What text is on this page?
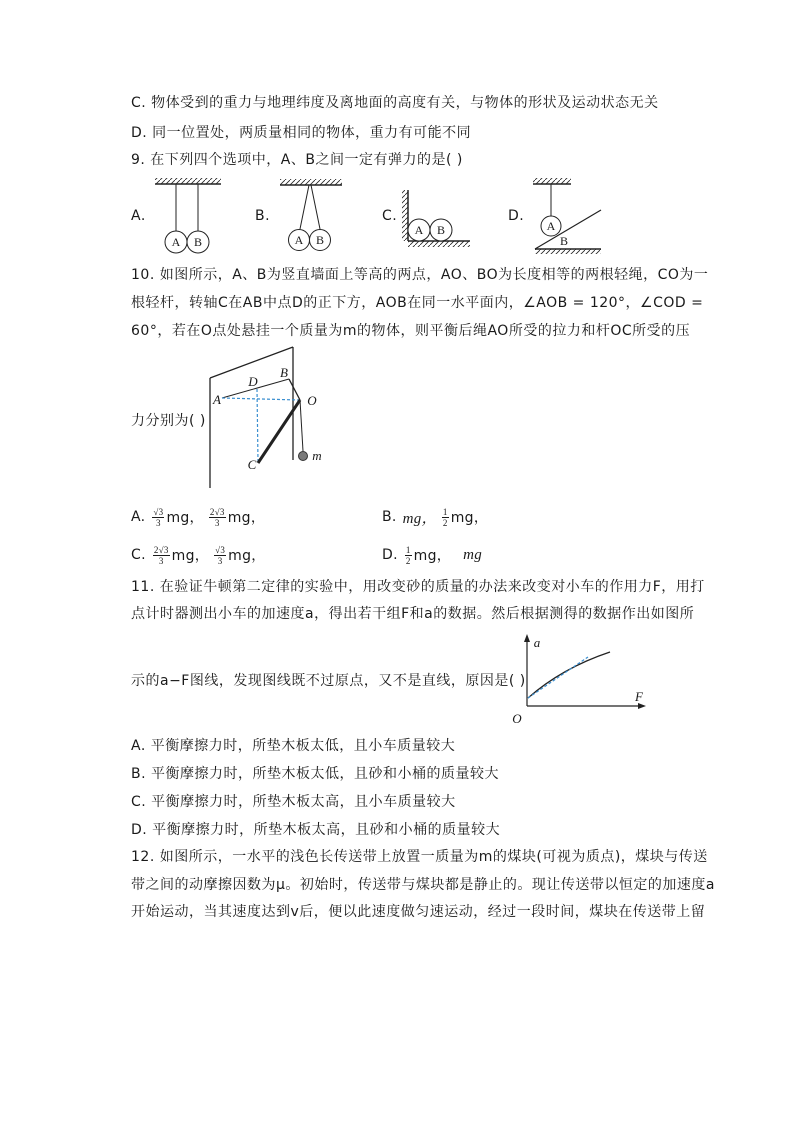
C. 物体受到的重力与地理纬度及离地面的高度有关，与物体的形状及运动状态无关
D. 同一位置处，两质量相同的物体，重力有可能不同
9. 在下列四个选项中，A、B之间一定有弹力的是( )
A.	B.	C.	D.
10. 如图所示，A、B为竖直墙面上等高的两点，AO、BO为长度相等的两根轻绳，CO为一
根轻杆，转轴C在AB中点D的正下方，AOB在同一水平面内，∠AOB = 120°，∠COD =
60°，若在O点处悬挂一个质量为m的物体，则平衡后绳AO所受的拉力和杆OC所受的压
力分别为( )
A. $\frac{√3}{3}$ mg， $\frac{2√3}{3}$ mg，	B. mg， $\frac{1}{2}$ mg，
C. $\frac{2√3}{3}$ mg， $\frac{√3}{3}$ mg，	D. $\frac{1}{2}$ mg， mg
11. 在验证牛顿第二定律的实验中，用改变砂的质量的办法来改变对小车的作用力F，用打
点计时器测出小车的加速度a，得出若干组F和a的数据。然后根据测得的数据作出如图所
示的a−F图线，发现图线既不过原点，又不是直线，原因是( )
A. 平衡摩擦力时，所垫木板太低，且小车质量较大
B. 平衡摩擦力时，所垫木板太低，且砂和小桶的质量较大
C. 平衡摩擦力时，所垫木板太高，且小车质量较大
D. 平衡摩擦力时，所垫木板太高，且砂和小桶的质量较大
12. 如图所示，一水平的浅色长传送带上放置一质量为m的煤块(可视为质点)，煤块与传送
带之间的动摩擦因数为μ。初始时，传送带与煤块都是静止的。现让传送带以恒定的加速度a
开始运动，当其速度达到v后，便以此速度做匀速运动，经过一段时间，煤块在传送带上留
A B	A B
A B	A
B
D
B
A	O
C
m
a
F
O
